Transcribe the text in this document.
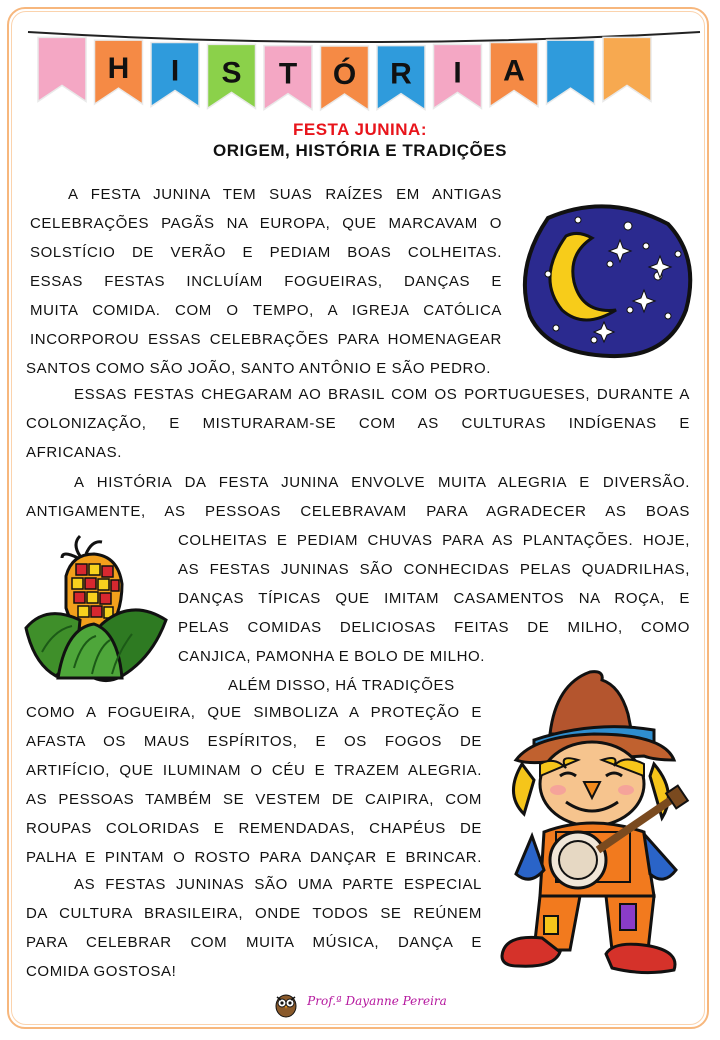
H I S T Ó R I A
FESTA JUNINA:
ORIGEM, HISTÓRIA E TRADIÇÕES
A FESTA JUNINA TEM SUAS RAÍZES EM ANTIGAS
CELEBRAÇÕES PAGÃS NA EUROPA, QUE MARCAVAM O
SOLSTÍCIO DE VERÃO E PEDIAM BOAS COLHEITAS.
ESSAS FESTAS INCLUÍAM FOGUEIRAS, DANÇAS E
MUITA COMIDA. COM O TEMPO, A IGREJA CATÓLICA
INCORPOROU ESSAS CELEBRAÇÕES PARA HOMENAGEAR
SANTOS COMO SÃO JOÃO, SANTO ANTÔNIO E SÃO PEDRO.
ESSAS FESTAS CHEGARAM AO BRASIL COM OS PORTUGUESES, DURANTE A
COLONIZAÇÃO, E MISTURARAM-SE COM AS CULTURAS INDÍGENAS E
AFRICANAS.
A HISTÓRIA DA FESTA JUNINA ENVOLVE MUITA ALEGRIA E DIVERSÃO.
ANTIGAMENTE, AS PESSOAS CELEBRAVAM PARA AGRADECER AS BOAS
COLHEITAS E PEDIAM CHUVAS PARA AS PLANTAÇÕES. HOJE,
AS FESTAS JUNINAS SÃO CONHECIDAS PELAS QUADRILHAS,
DANÇAS TÍPICAS QUE IMITAM CASAMENTOS NA ROÇA, E
PELAS COMIDAS DELICIOSAS FEITAS DE MILHO, COMO
CANJICA, PAMONHA E BOLO DE MILHO.
ALÉM DISSO, HÁ TRADIÇÕES
COMO A FOGUEIRA, QUE SIMBOLIZA A PROTEÇÃO E
AFASTA OS MAUS ESPÍRITOS, E OS FOGOS DE
ARTIFÍCIO, QUE ILUMINAM O CÉU E TRAZEM ALEGRIA.
AS PESSOAS TAMBÉM SE VESTEM DE CAIPIRA, COM
ROUPAS COLORIDAS E REMENDADAS, CHAPÉUS DE
PALHA E PINTAM O ROSTO PARA DANÇAR E BRINCAR.
AS FESTAS JUNINAS SÃO UMA PARTE ESPECIAL
DA CULTURA BRASILEIRA, ONDE TODOS SE REÚNEM
PARA CELEBRAR COM MUITA MÚSICA, DANÇA E
COMIDA GOSTOSA!
Prof.ª Dayanne Pereira
